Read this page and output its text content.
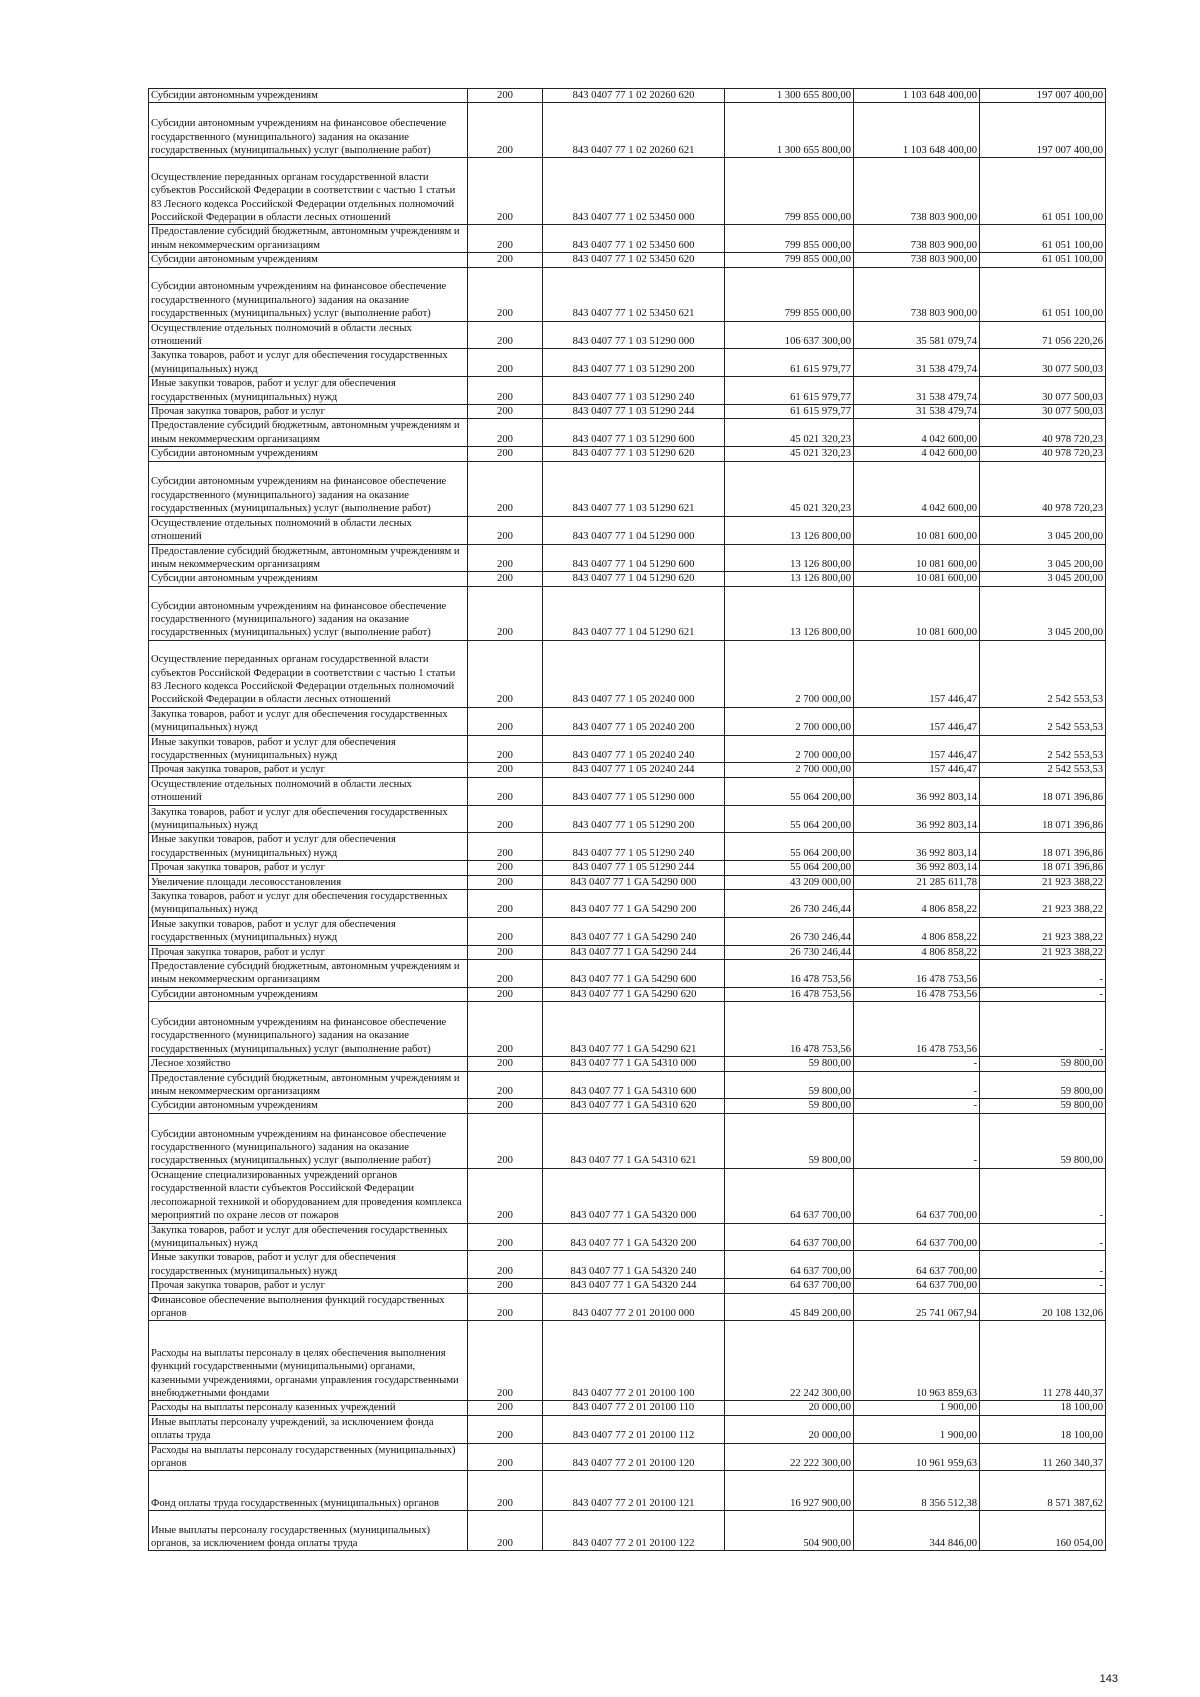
Субсидии автономным учреждениям	200	843 0407 77 1 02 20260 620	1 300 655 800,00	1 103 648 400,00	197 007 400,00
Субсидии автономным учреждениям на финансовое обеспечение государственного (муниципального) задания на оказание государственных (муниципальных) услуг (выполнение работ)	200	843 0407 77 1 02 20260 621	1 300 655 800,00	1 103 648 400,00	197 007 400,00
Осуществление переданных органам государственной власти субъектов Российской Федерации в соответствии с частью 1 статьи 83 Лесного кодекса Российской Федерации отдельных полномочий Российской Федерации в области лесных отношений	200	843 0407 77 1 02 53450 000	799 855 000,00	738 803 900,00	61 051 100,00
Предоставление субсидий бюджетным, автономным учреждениям и иным некоммерческим организациям	200	843 0407 77 1 02 53450 600	799 855 000,00	738 803 900,00	61 051 100,00
Субсидии автономным учреждениям	200	843 0407 77 1 02 53450 620	799 855 000,00	738 803 900,00	61 051 100,00
Субсидии автономным учреждениям на финансовое обеспечение государственного (муниципального) задания на оказание государственных (муниципальных) услуг (выполнение работ)	200	843 0407 77 1 02 53450 621	799 855 000,00	738 803 900,00	61 051 100,00
Осуществление отдельных полномочий в области лесных отношений	200	843 0407 77 1 03 51290 000	106 637 300,00	35 581 079,74	71 056 220,26
Закупка товаров, работ и услуг для обеспечения государственных (муниципальных) нужд	200	843 0407 77 1 03 51290 200	61 615 979,77	31 538 479,74	30 077 500,03
Иные закупки товаров, работ и услуг для обеспечения государственных (муниципальных) нужд	200	843 0407 77 1 03 51290 240	61 615 979,77	31 538 479,74	30 077 500,03
Прочая закупка товаров, работ и услуг	200	843 0407 77 1 03 51290 244	61 615 979,77	31 538 479,74	30 077 500,03
Предоставление субсидий бюджетным, автономным учреждениям и иным некоммерческим организациям	200	843 0407 77 1 03 51290 600	45 021 320,23	4 042 600,00	40 978 720,23
Субсидии автономным учреждениям	200	843 0407 77 1 03 51290 620	45 021 320,23	4 042 600,00	40 978 720,23
Субсидии автономным учреждениям на финансовое обеспечение государственного (муниципального) задания на оказание государственных (муниципальных) услуг (выполнение работ)	200	843 0407 77 1 03 51290 621	45 021 320,23	4 042 600,00	40 978 720,23
Осуществление отдельных полномочий в области лесных отношений	200	843 0407 77 1 04 51290 000	13 126 800,00	10 081 600,00	3 045 200,00
Предоставление субсидий бюджетным, автономным учреждениям и иным некоммерческим организациям	200	843 0407 77 1 04 51290 600	13 126 800,00	10 081 600,00	3 045 200,00
Субсидии автономным учреждениям	200	843 0407 77 1 04 51290 620	13 126 800,00	10 081 600,00	3 045 200,00
Субсидии автономным учреждениям на финансовое обеспечение государственного (муниципального) задания на оказание государственных (муниципальных) услуг (выполнение работ)	200	843 0407 77 1 04 51290 621	13 126 800,00	10 081 600,00	3 045 200,00
Осуществление переданных органам государственной власти субъектов Российской Федерации в соответствии с частью 1 статьи 83 Лесного кодекса Российской Федерации отдельных полномочий Российской Федерации в области лесных отношений	200	843 0407 77 1 05 20240 000	2 700 000,00	157 446,47	2 542 553,53
Закупка товаров, работ и услуг для обеспечения государственных (муниципальных) нужд	200	843 0407 77 1 05 20240 200	2 700 000,00	157 446,47	2 542 553,53
Иные закупки товаров, работ и услуг для обеспечения государственных (муниципальных) нужд	200	843 0407 77 1 05 20240 240	2 700 000,00	157 446,47	2 542 553,53
Прочая закупка товаров, работ и услуг	200	843 0407 77 1 05 20240 244	2 700 000,00	157 446,47	2 542 553,53
Осуществление отдельных полномочий в области лесных отношений	200	843 0407 77 1 05 51290 000	55 064 200,00	36 992 803,14	18 071 396,86
Закупка товаров, работ и услуг для обеспечения государственных (муниципальных) нужд	200	843 0407 77 1 05 51290 200	55 064 200,00	36 992 803,14	18 071 396,86
Иные закупки товаров, работ и услуг для обеспечения государственных (муниципальных) нужд	200	843 0407 77 1 05 51290 240	55 064 200,00	36 992 803,14	18 071 396,86
Прочая закупка товаров, работ и услуг	200	843 0407 77 1 05 51290 244	55 064 200,00	36 992 803,14	18 071 396,86
Увеличение площади лесовосстановления	200	843 0407 77 1 GA 54290 000	43 209 000,00	21 285 611,78	21 923 388,22
Закупка товаров, работ и услуг для обеспечения государственных (муниципальных) нужд	200	843 0407 77 1 GA 54290 200	26 730 246,44	4 806 858,22	21 923 388,22
Иные закупки товаров, работ и услуг для обеспечения государственных (муниципальных) нужд	200	843 0407 77 1 GA 54290 240	26 730 246,44	4 806 858,22	21 923 388,22
Прочая закупка товаров, работ и услуг	200	843 0407 77 1 GA 54290 244	26 730 246,44	4 806 858,22	21 923 388,22
Предоставление субсидий бюджетным, автономным учреждениям и иным некоммерческим организациям	200	843 0407 77 1 GA 54290 600	16 478 753,56	16 478 753,56	-
Субсидии автономным учреждениям	200	843 0407 77 1 GA 54290 620	16 478 753,56	16 478 753,56	-
Субсидии автономным учреждениям на финансовое обеспечение государственного (муниципального) задания на оказание государственных (муниципальных) услуг (выполнение работ)	200	843 0407 77 1 GA 54290 621	16 478 753,56	16 478 753,56	-
Лесное хозяйство	200	843 0407 77 1 GA 54310 000	59 800,00	-	59 800,00
Предоставление субсидий бюджетным, автономным учреждениям и иным некоммерческим организациям	200	843 0407 77 1 GA 54310 600	59 800,00	-	59 800,00
Субсидии автономным учреждениям	200	843 0407 77 1 GA 54310 620	59 800,00	-	59 800,00
Субсидии автономным учреждениям на финансовое обеспечение государственного (муниципального) задания на оказание государственных (муниципальных) услуг (выполнение работ)	200	843 0407 77 1 GA 54310 621	59 800,00	-	59 800,00
Оснащение специализированных учреждений органов государственной власти субъектов Российской Федерации лесопожарной техникой и оборудованием для проведения комплекса мероприятий по охране лесов от пожаров	200	843 0407 77 1 GA 54320 000	64 637 700,00	64 637 700,00	-
Закупка товаров, работ и услуг для обеспечения государственных (муниципальных) нужд	200	843 0407 77 1 GA 54320 200	64 637 700,00	64 637 700,00	-
Иные закупки товаров, работ и услуг для обеспечения государственных (муниципальных) нужд	200	843 0407 77 1 GA 54320 240	64 637 700,00	64 637 700,00	-
Прочая закупка товаров, работ и услуг	200	843 0407 77 1 GA 54320 244	64 637 700,00	64 637 700,00	-
Финансовое обеспечение выполнения функций государственных органов	200	843 0407 77 2 01 20100 000	45 849 200,00	25 741 067,94	20 108 132,06
Расходы на выплаты персоналу в целях обеспечения выполнения функций государственными (муниципальными) органами, казенными учреждениями, органами управления государственными внебюджетными фондами	200	843 0407 77 2 01 20100 100	22 242 300,00	10 963 859,63	11 278 440,37
Расходы на выплаты персоналу казенных учреждений	200	843 0407 77 2 01 20100 110	20 000,00	1 900,00	18 100,00
Иные выплаты персоналу учреждений, за исключением фонда оплаты труда	200	843 0407 77 2 01 20100 112	20 000,00	1 900,00	18 100,00
Расходы на выплаты персоналу государственных (муниципальных) органов	200	843 0407 77 2 01 20100 120	22 222 300,00	10 961 959,63	11 260 340,37
Фонд оплаты труда государственных (муниципальных) органов	200	843 0407 77 2 01 20100 121	16 927 900,00	8 356 512,38	8 571 387,62
Иные выплаты персоналу государственных (муниципальных) органов, за исключением фонда оплаты труда	200	843 0407 77 2 01 20100 122	504 900,00	344 846,00	160 054,00
143
